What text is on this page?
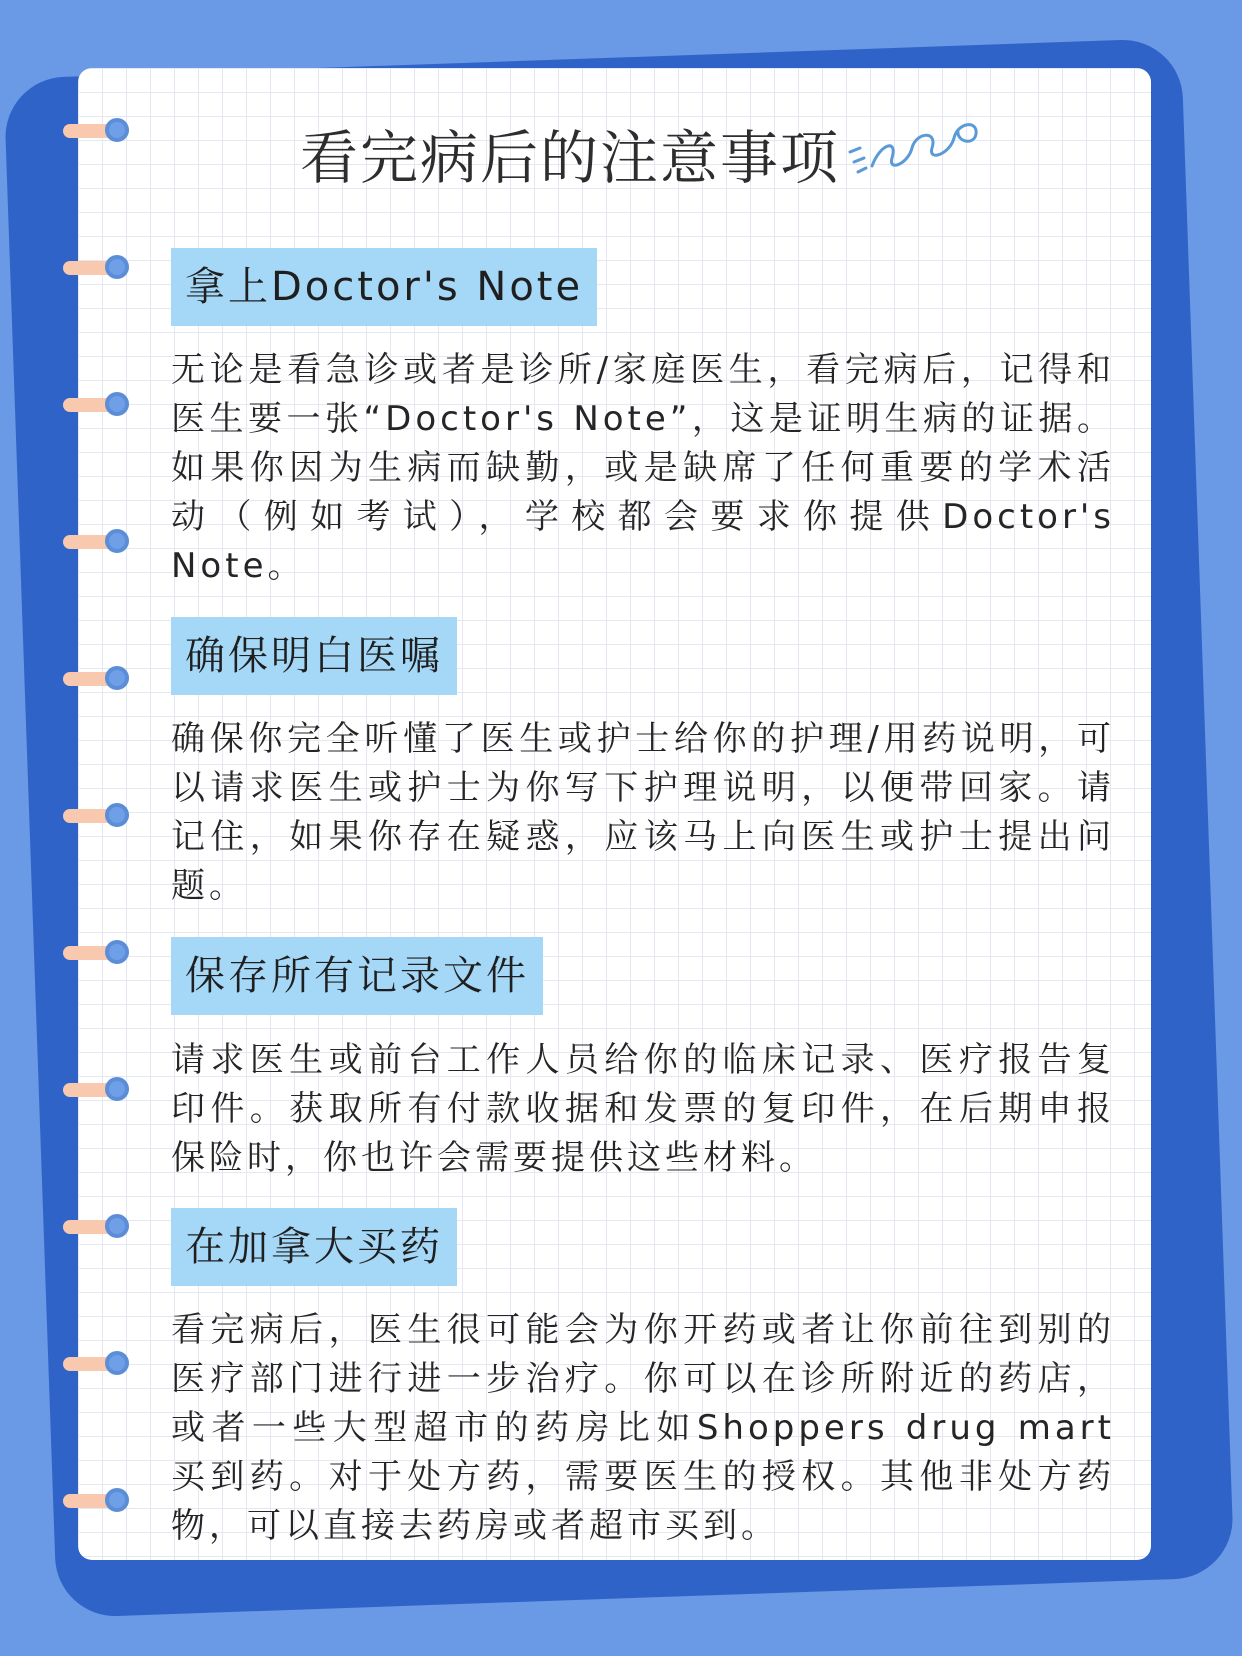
看完病后的注意事项
拿上Doctor's Note

无论是看急诊或者是诊所/家庭医生，看完病后，记得和医生要一张“Doctor's Note”，这是证明生病的证据。如果你因为生病而缺勤，或是缺席了任何重要的学术活动（例如考试），学校都会要求你提供Doctor's Note。

确保明白医嘱

确保你完全听懂了医生或护士给你的护理/用药说明，可以请求医生或护士为你写下护理说明，以便带回家。请记住，如果你存在疑惑，应该马上向医生或护士提出问题。

保存所有记录文件

请求医生或前台工作人员给你的临床记录、医疗报告复印件。获取所有付款收据和发票的复印件，在后期申报保险时，你也许会需要提供这些材料。

在加拿大买药

看完病后，医生很可能会为你开药或者让你前往到别的医疗部门进行进一步治疗。你可以在诊所附近的药店，或者一些大型超市的药房比如Shoppers drug mart买到药。对于处方药，需要医生的授权。其他非处方药物，可以直接去药房或者超市买到。
